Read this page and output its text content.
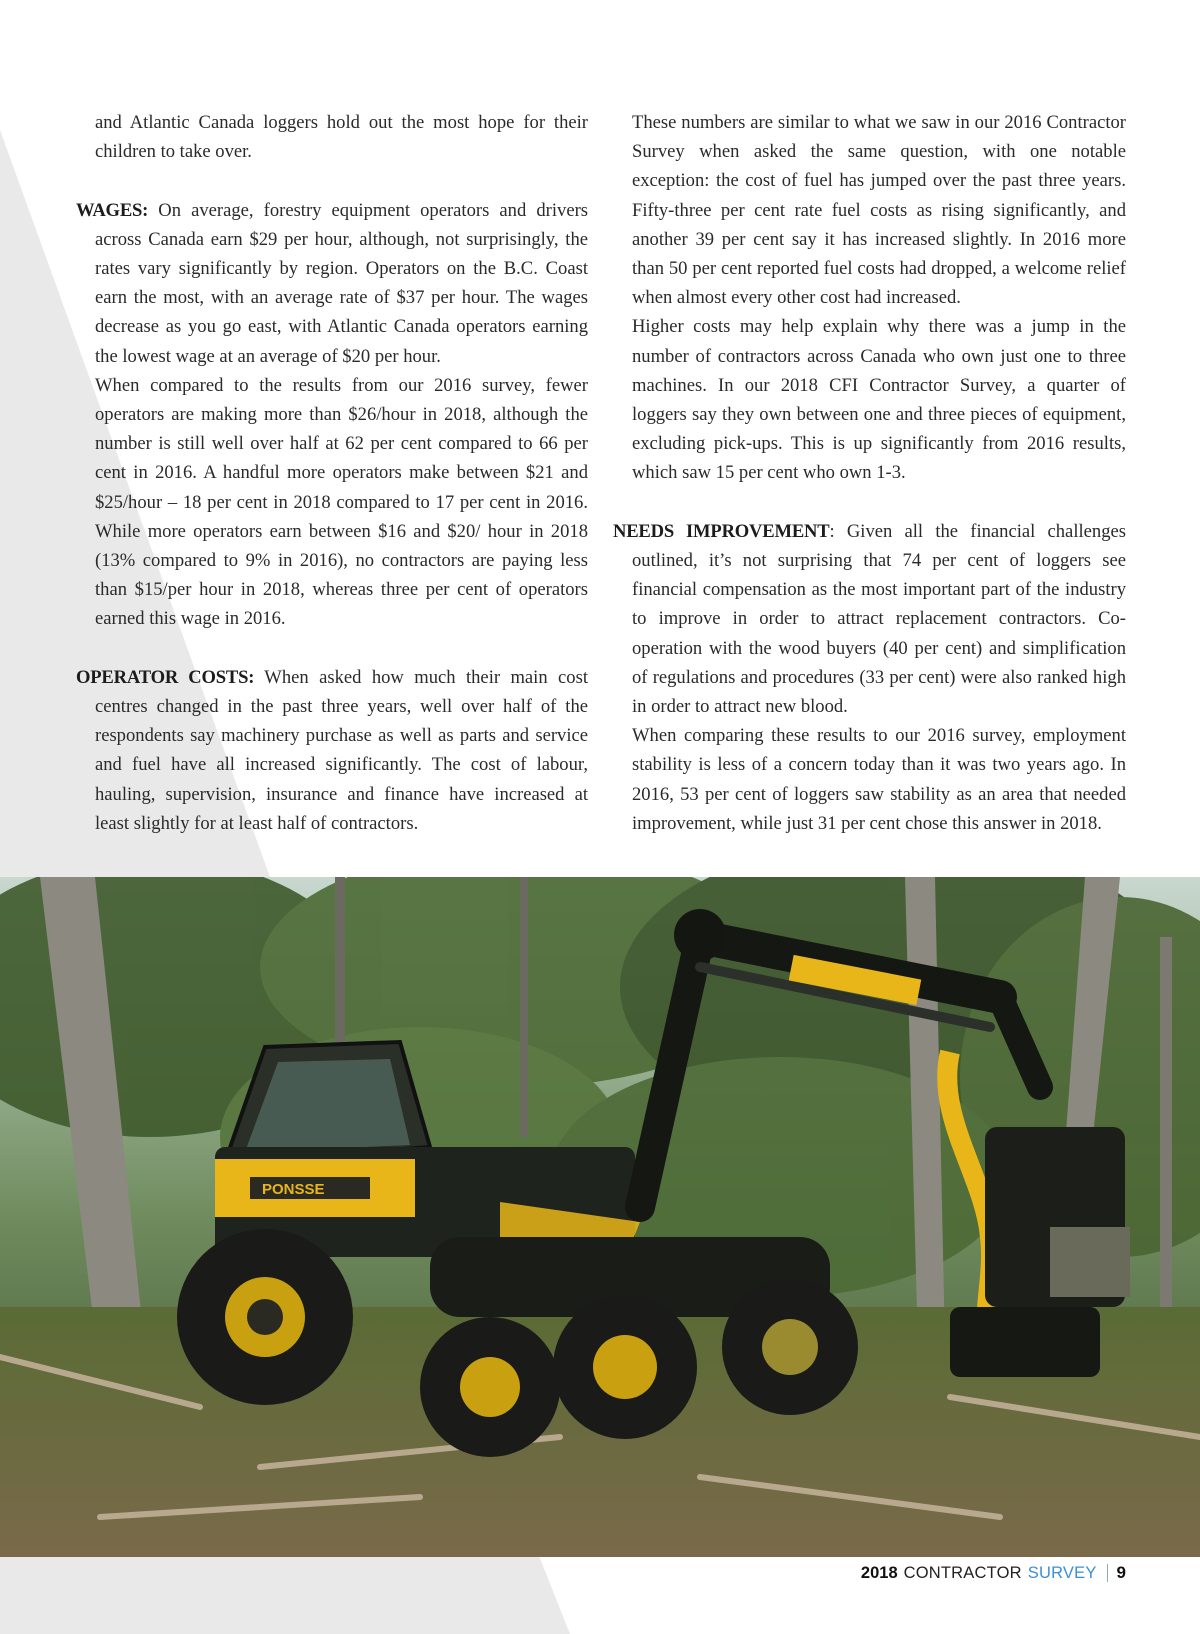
and Atlantic Canada loggers hold out the most hope for their children to take over.

WAGES: On average, forestry equipment operators and drivers across Canada earn $29 per hour, although, not surprisingly, the rates vary significantly by region. Operators on the B.C. Coast earn the most, with an average rate of $37 per hour. The wages decrease as you go east, with Atlantic Canada operators earning the lowest wage at an average of $20 per hour.

When compared to the results from our 2016 survey, fewer operators are making more than $26/hour in 2018, although the number is still well over half at 62 per cent compared to 66 per cent in 2016. A handful more operators make between $21 and $25/hour – 18 per cent in 2018 compared to 17 per cent in 2016. While more operators earn between $16 and $20/ hour in 2018 (13% compared to 9% in 2016), no contractors are paying less than $15/per hour in 2018, whereas three per cent of operators earned this wage in 2016.

OPERATOR COSTS: When asked how much their main cost centres changed in the past three years, well over half of the respondents say machinery purchase as well as parts and service and fuel have all increased significantly. The cost of labour, hauling, supervision, insurance and finance have increased at least slightly for at least half of contractors.

These numbers are similar to what we saw in our 2016 Contractor Survey when asked the same question, with one notable exception: the cost of fuel has jumped over the past three years. Fifty-three per cent rate fuel costs as rising significantly, and another 39 per cent say it has increased slightly. In 2016 more than 50 per cent reported fuel costs had dropped, a welcome relief when almost every other cost had increased.

Higher costs may help explain why there was a jump in the number of contractors across Canada who own just one to three machines. In our 2018 CFI Contractor Survey, a quarter of loggers say they own between one and three pieces of equipment, excluding pick-ups. This is up significantly from 2016 results, which saw 15 per cent who own 1-3.

NEEDS IMPROVEMENT: Given all the financial challenges outlined, it’s not surprising that 74 per cent of loggers see financial compensation as the most important part of the industry to improve in order to attract replacement contractors. Co-operation with the wood buyers (40 per cent) and simplification of regulations and procedures (33 per cent) were also ranked high in order to attract new blood.

When comparing these results to our 2016 survey, employment stability is less of a concern today than it was two years ago. In 2016, 53 per cent of loggers saw stability as an area that needed improvement, while just 31 per cent chose this answer in 2018.

PONSSE
2018 CONTRACTOR SURVEY 9
